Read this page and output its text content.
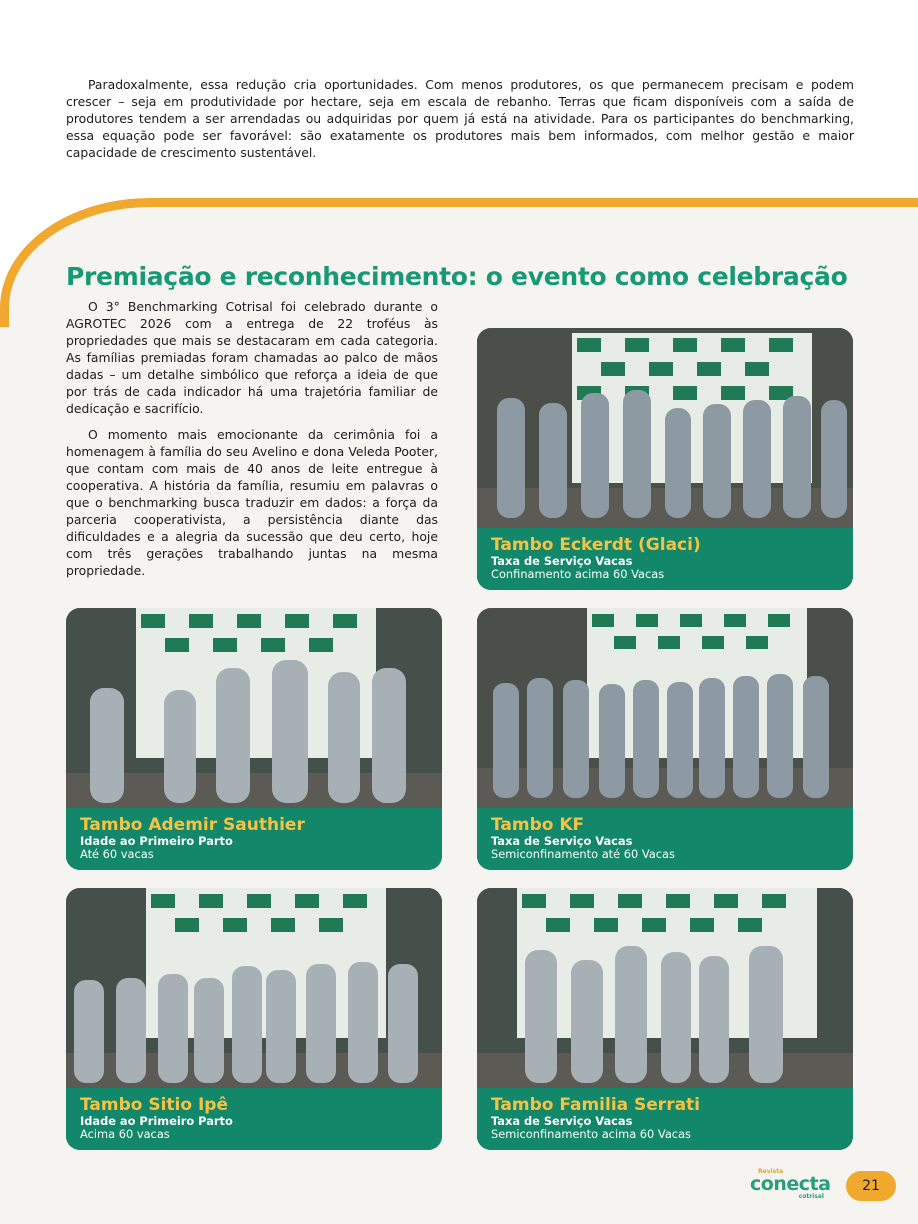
Paradoxalmente, essa redução cria oportunidades. Com menos produtores, os que permanecem precisam e podem crescer – seja em produtividade por hectare, seja em escala de rebanho. Terras que ficam disponíveis com a saída de produtores tendem a ser arrendadas ou adquiridas por quem já está na atividade. Para os participantes do benchmarking, essa equação pode ser favorável: são exatamente os produtores mais bem informados, com melhor gestão e maior capacidade de crescimento sustentável.

Premiação e reconhecimento: o evento como celebração

O 3° Benchmarking Cotrisal foi celebrado durante o AGROTEC 2026 com a entrega de 22 troféus às propriedades que mais se destacaram em cada categoria. As famílias premiadas foram chamadas ao palco de mãos dadas – um detalhe simbólico que reforça a ideia de que por trás de cada indicador há uma trajetória familiar de dedicação e sacrifício.

O momento mais emocionante da cerimônia foi a homenagem à família do seu Avelino e dona Veleda Pooter, que contam com mais de 40 anos de leite entregue à cooperativa. A história da família, resumiu em palavras o que o benchmarking busca traduzir em dados: a força da parceria cooperativista, a persistência diante das dificuldades e a alegria da sucessão que deu certo, hoje com três gerações trabalhando juntas na mesma propriedade.

Tambo Eckerdt (Glaci)
Taxa de Serviço Vacas
Confinamento acima 60 Vacas
Tambo Ademir Sauthier
Idade ao Primeiro Parto
Até 60 vacas
Tambo KF
Taxa de Serviço Vacas
Semiconfinamento até 60 Vacas
Tambo Sitio Ipê
Idade ao Primeiro Parto
Acima 60 vacas
Tambo Familia Serrati
Taxa de Serviço Vacas
Semiconfinamento acima 60 Vacas
Revista
conecta
cotrisal
21
